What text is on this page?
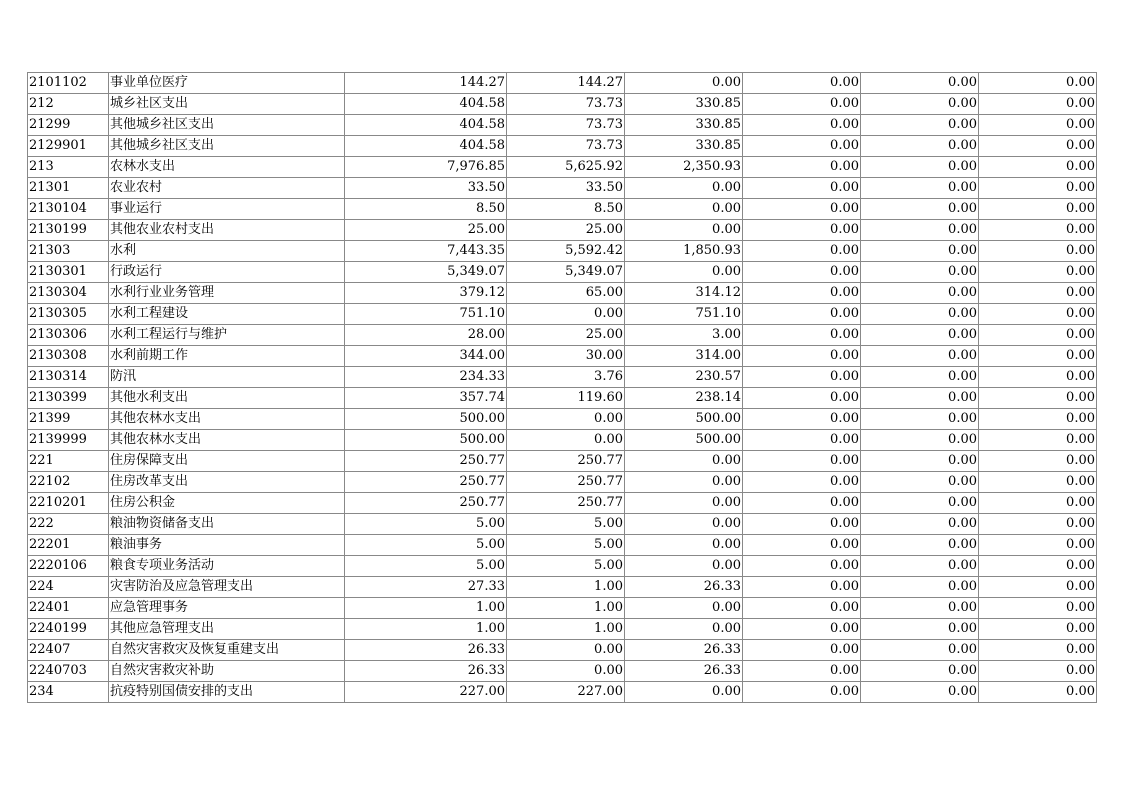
2101102	事业单位医疗	144.27	144.27	0.00	0.00	0.00	0.00
212	城乡社区支出	404.58	73.73	330.85	0.00	0.00	0.00
21299	其他城乡社区支出	404.58	73.73	330.85	0.00	0.00	0.00
2129901	其他城乡社区支出	404.58	73.73	330.85	0.00	0.00	0.00
213	农林水支出	7,976.85	5,625.92	2,350.93	0.00	0.00	0.00
21301	农业农村	33.50	33.50	0.00	0.00	0.00	0.00
2130104	事业运行	8.50	8.50	0.00	0.00	0.00	0.00
2130199	其他农业农村支出	25.00	25.00	0.00	0.00	0.00	0.00
21303	水利	7,443.35	5,592.42	1,850.93	0.00	0.00	0.00
2130301	行政运行	5,349.07	5,349.07	0.00	0.00	0.00	0.00
2130304	水利行业业务管理	379.12	65.00	314.12	0.00	0.00	0.00
2130305	水利工程建设	751.10	0.00	751.10	0.00	0.00	0.00
2130306	水利工程运行与维护	28.00	25.00	3.00	0.00	0.00	0.00
2130308	水利前期工作	344.00	30.00	314.00	0.00	0.00	0.00
2130314	防汛	234.33	3.76	230.57	0.00	0.00	0.00
2130399	其他水利支出	357.74	119.60	238.14	0.00	0.00	0.00
21399	其他农林水支出	500.00	0.00	500.00	0.00	0.00	0.00
2139999	其他农林水支出	500.00	0.00	500.00	0.00	0.00	0.00
221	住房保障支出	250.77	250.77	0.00	0.00	0.00	0.00
22102	住房改革支出	250.77	250.77	0.00	0.00	0.00	0.00
2210201	住房公积金	250.77	250.77	0.00	0.00	0.00	0.00
222	粮油物资储备支出	5.00	5.00	0.00	0.00	0.00	0.00
22201	粮油事务	5.00	5.00	0.00	0.00	0.00	0.00
2220106	粮食专项业务活动	5.00	5.00	0.00	0.00	0.00	0.00
224	灾害防治及应急管理支出	27.33	1.00	26.33	0.00	0.00	0.00
22401	应急管理事务	1.00	1.00	0.00	0.00	0.00	0.00
2240199	其他应急管理支出	1.00	1.00	0.00	0.00	0.00	0.00
22407	自然灾害救灾及恢复重建支出	26.33	0.00	26.33	0.00	0.00	0.00
2240703	自然灾害救灾补助	26.33	0.00	26.33	0.00	0.00	0.00
234	抗疫特别国债安排的支出	227.00	227.00	0.00	0.00	0.00	0.00
